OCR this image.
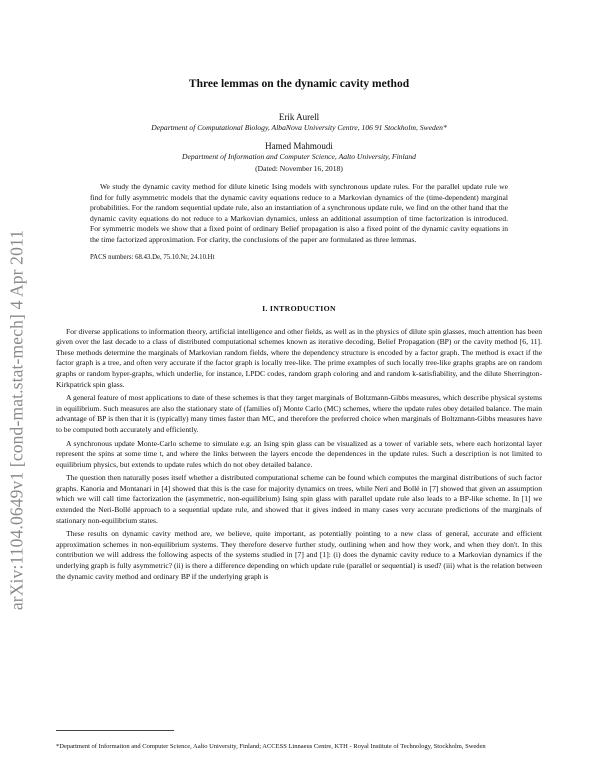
arXiv:1104.0649v1 [cond-mat.stat-mech] 4 Apr 2011

Three lemmas on the dynamic cavity method

Erik Aurell

Department of Computational Biology, AlbaNova University Centre, 106 91 Stockholm, Sweden*

Hamed Mahmoudi

Department of Information and Computer Science, Aalto University, Finland

(Dated: November 16, 2018)

We study the dynamic cavity method for dilute kinetic Ising models with synchronous update rules. For the parallel update rule we find for fully asymmetric models that the dynamic cavity equations reduce to a Markovian dynamics of the (time-dependent) marginal probabilities. For the random sequential update rule, also an instantiation of a synchronous update rule, we find on the other hand that the dynamic cavity equations do not reduce to a Markovian dynamics, unless an additional assumption of time factorization is introduced. For symmetric models we show that a fixed point of ordinary Belief propagation is also a fixed point of the dynamic cavity equations in the time factorized approximation. For clarity, the conclusions of the paper are formulated as three lemmas.

PACS numbers: 68.43.De, 75.10.Nr, 24.10.Ht

I. INTRODUCTION

For diverse applications to information theory, artificial intelligence and other fields, as well as in the physics of dilute spin glasses, much attention has been given over the last decade to a class of distributed computational schemes known as iterative decoding, Belief Propagation (BP) or the cavity method [6, 11]. These methods determine the marginals of Markovian random fields, where the dependency structure is encoded by a factor graph. The method is exact if the factor graph is a tree, and often very accurate if the factor graph is locally tree-like. The prime examples of such locally tree-like graphs graphs are on random graphs or random hyper-graphs, which underlie, for instance, LPDC codes, random graph coloring and and random k-satisfiability, and the dilute Sherrington-Kirkpatrick spin glass.

A general feature of most applications to date of these schemes is that they target marginals of Boltzmann-Gibbs measures, which describe physical systems in equilibrium. Such measures are also the stationary state of (families of) Monte Carlo (MC) schemes, where the update rules obey detailed balance. The main advantage of BP is then that it is (typically) many times faster than MC, and therefore the preferred choice when marginals of Boltzmann-Gibbs measures have to be computed both accurately and efficiently.

A synchronous update Monte-Carlo scheme to simulate e.g. an Ising spin glass can be visualized as a tower of variable sets, where each horizontal layer represent the spins at some time t, and where the links between the layers encode the dependences in the update rules. Such a description is not limited to equilibrium physics, but extends to update rules which do not obey detailed balance.

The question then naturally poses itself whether a distributed computational scheme can be found which computes the marginal distributions of such factor graphs. Kanoria and Montanari in [4] showed that this is the case for majority dynamics on trees, while Neri and Bollé in [7] showed that given an assumption which we will call time factorization the (asymmetric, non-equilibrium) Ising spin glass with parallel update rule also leads to a BP-like scheme. In [1] we extended the Neri-Bollé approach to a sequential update rule, and showed that it gives indeed in many cases very accurate predictions of the marginals of stationary non-equilibrium states.

These results on dynamic cavity method are, we believe, quite important, as potentially pointing to a new class of general, accurate and efficient approximation schemes in non-equilibrium systems. They therefore deserve further study, outlining when and how they work, and when they don't. In this contribution we will address the following aspects of the systems studied in [7] and [1]: (i) does the dynamic cavity reduce to a Markovian dynamics if the underlying graph is fully asymmetric? (ii) is there a difference depending on which update rule (parallel or sequential) is used? (iii) what is the relation between the dynamic cavity method and ordinary BP if the underlying graph is

*Department of Information and Computer Science, Aalto University, Finland; ACCESS Linnaeus Centre, KTH - Royal Institute of Technology, Stockholm, Sweden
